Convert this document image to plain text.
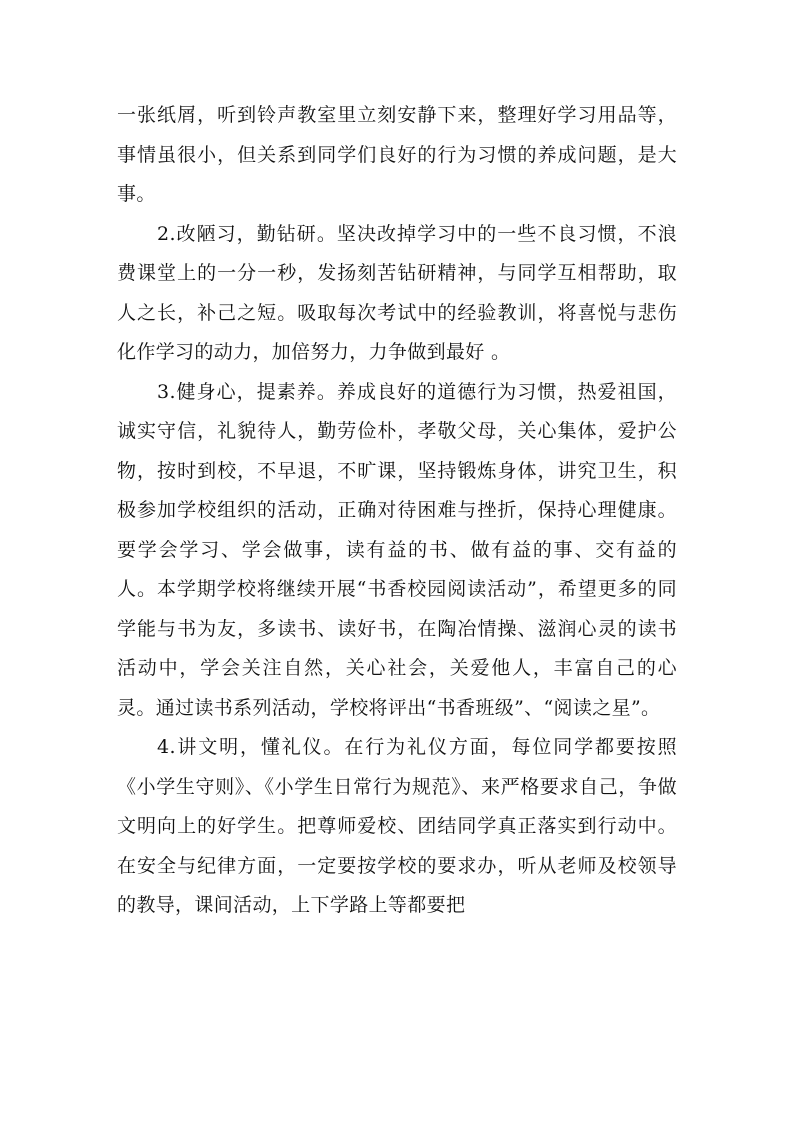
一张纸屑，听到铃声教室里立刻安静下来，整理好学习用品等，事情虽很小，但关系到同学们良好的行为习惯的养成问题，是大事。

2.改陋习，勤钻研。坚决改掉学习中的一些不良习惯，不浪费课堂上的一分一秒，发扬刻苦钻研精神，与同学互相帮助，取人之长，补己之短。吸取每次考试中的经验教训，将喜悦与悲伤化作学习的动力，加倍努力，力争做到最好 。

3.健身心，提素养。养成良好的道德行为习惯，热爱祖国，诚实守信，礼貌待人，勤劳俭朴，孝敬父母，关心集体，爱护公物，按时到校，不早退，不旷课，坚持锻炼身体，讲究卫生，积极参加学校组织的活动，正确对待困难与挫折，保持心理健康。要学会学习、学会做事，读有益的书、做有益的事、交有益的人。本学期学校将继续开展“书香校园阅读活动”，希望更多的同学能与书为友，多读书、读好书，在陶冶情操、滋润心灵的读书活动中，学会关注自然，关心社会，关爱他人，丰富自己的心灵。通过读书系列活动，学校将评出“书香班级”、“阅读之星”。

4.讲文明，懂礼仪。在行为礼仪方面，每位同学都要按照《小学生守则》、《小学生日常行为规范》、来严格要求自己，争做文明向上的好学生。把尊师爱校、团结同学真正落实到行动中。在安全与纪律方面，一定要按学校的要求办，听从老师及校领导的教导，课间活动，上下学路上等都要把
